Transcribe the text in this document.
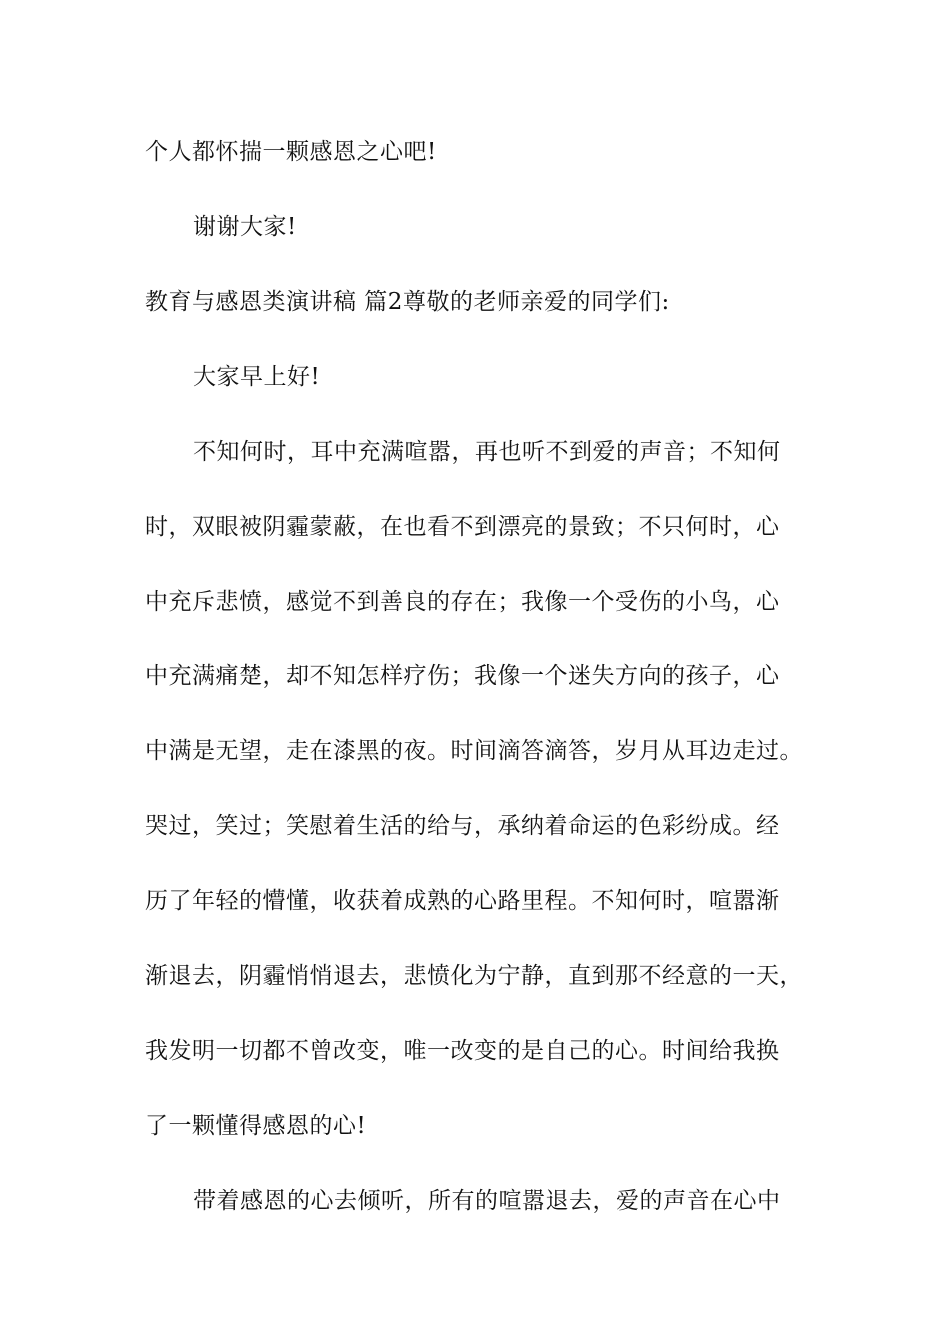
个人都怀揣一颗感恩之心吧!
谢谢大家!
教育与感恩类演讲稿 篇2尊敬的老师亲爱的同学们:
大家早上好!
不知何时，耳中充满喧嚣，再也听不到爱的声音；不知何
时，双眼被阴霾蒙蔽，在也看不到漂亮的景致；不只何时，心
中充斥悲愤，感觉不到善良的存在；我像一个受伤的小鸟，心
中充满痛楚，却不知怎样疗伤；我像一个迷失方向的孩子，心
中满是无望，走在漆黑的夜。时间滴答滴答，岁月从耳边走过。
哭过，笑过；笑慰着生活的给与，承纳着命运的色彩纷成。经
历了年轻的懵懂，收获着成熟的心路里程。不知何时，喧嚣渐
渐退去，阴霾悄悄退去，悲愤化为宁静，直到那不经意的一天，
我发明一切都不曾改变，唯一改变的是自己的心。时间给我换
了一颗懂得感恩的心!
带着感恩的心去倾听，所有的喧嚣退去，爱的声音在心中
